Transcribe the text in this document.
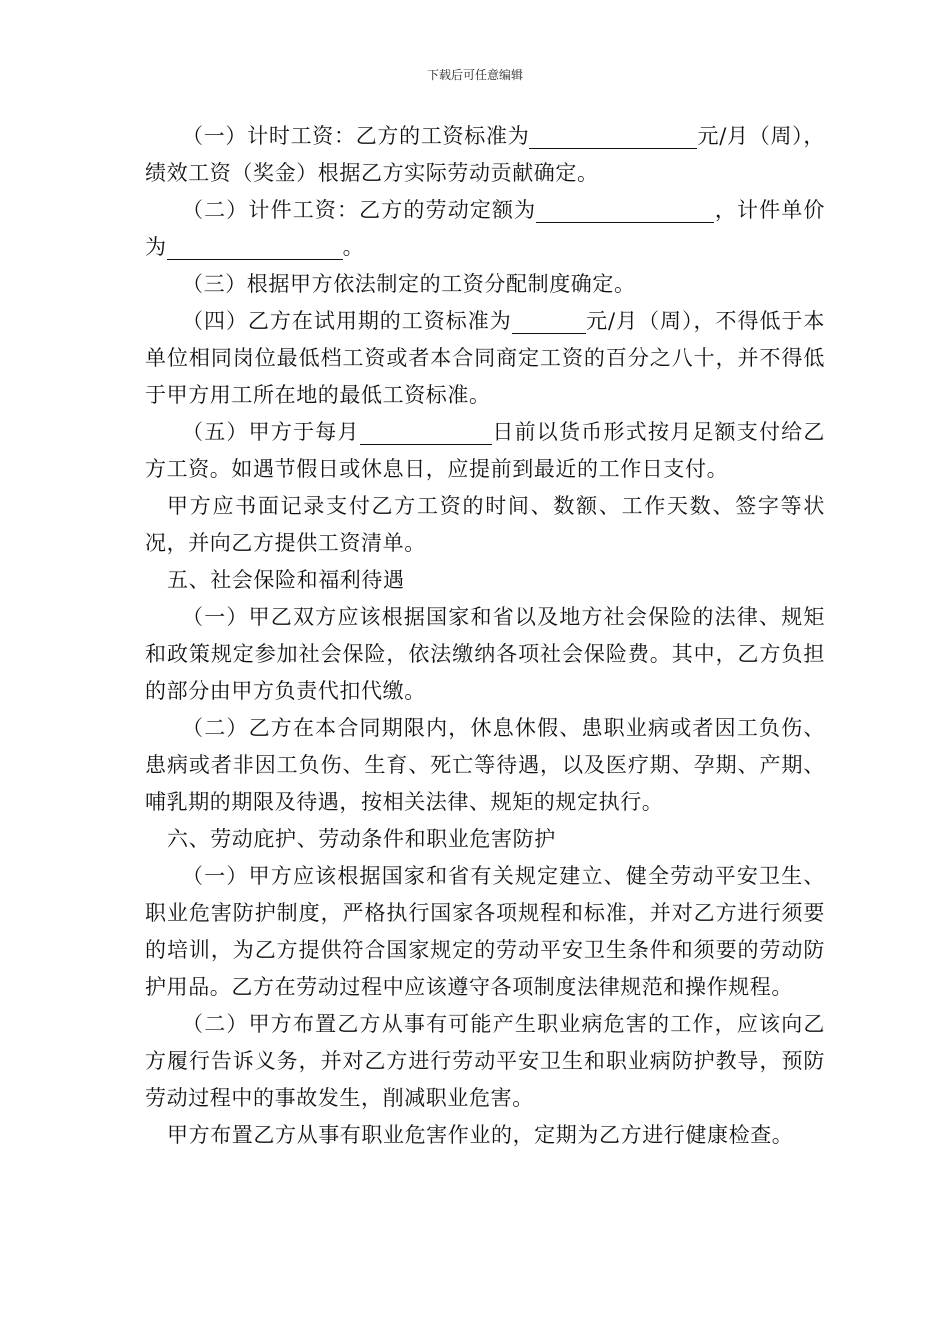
下载后可任意编辑

（一）计时工资：乙方的工资标准为	元/月（周），绩效工资（奖金）根据乙方实际劳动贡献确定。

（二）计件工资：乙方的劳动定额为	，计件单价为	。

（三）根据甲方依法制定的工资分配制度确定。

（四）乙方在试用期的工资标准为	元/月（周），不得低于本单位相同岗位最低档工资或者本合同商定工资的百分之八十，并不得低于甲方用工所在地的最低工资标准。

（五）甲方于每月	日前以货币形式按月足额支付给乙方工资。如遇节假日或休息日，应提前到最近的工作日支付。

甲方应书面记录支付乙方工资的时间、数额、工作天数、签字等状况，并向乙方提供工资清单。

五、社会保险和福利待遇

（一）甲乙双方应该根据国家和省以及地方社会保险的法律、规矩和政策规定参加社会保险，依法缴纳各项社会保险费。其中，乙方负担的部分由甲方负责代扣代缴。

（二）乙方在本合同期限内，休息休假、患职业病或者因工负伤、患病或者非因工负伤、生育、死亡等待遇，以及医疗期、孕期、产期、哺乳期的期限及待遇，按相关法律、规矩的规定执行。

六、劳动庇护、劳动条件和职业危害防护

（一）甲方应该根据国家和省有关规定建立、健全劳动平安卫生、职业危害防护制度，严格执行国家各项规程和标准，并对乙方进行须要的培训，为乙方提供符合国家规定的劳动平安卫生条件和须要的劳动防护用品。乙方在劳动过程中应该遵守各项制度法律规范和操作规程。

（二）甲方布置乙方从事有可能产生职业病危害的工作，应该向乙方履行告诉义务，并对乙方进行劳动平安卫生和职业病防护教导，预防劳动过程中的事故发生，削减职业危害。

甲方布置乙方从事有职业危害作业的，定期为乙方进行健康检查。
